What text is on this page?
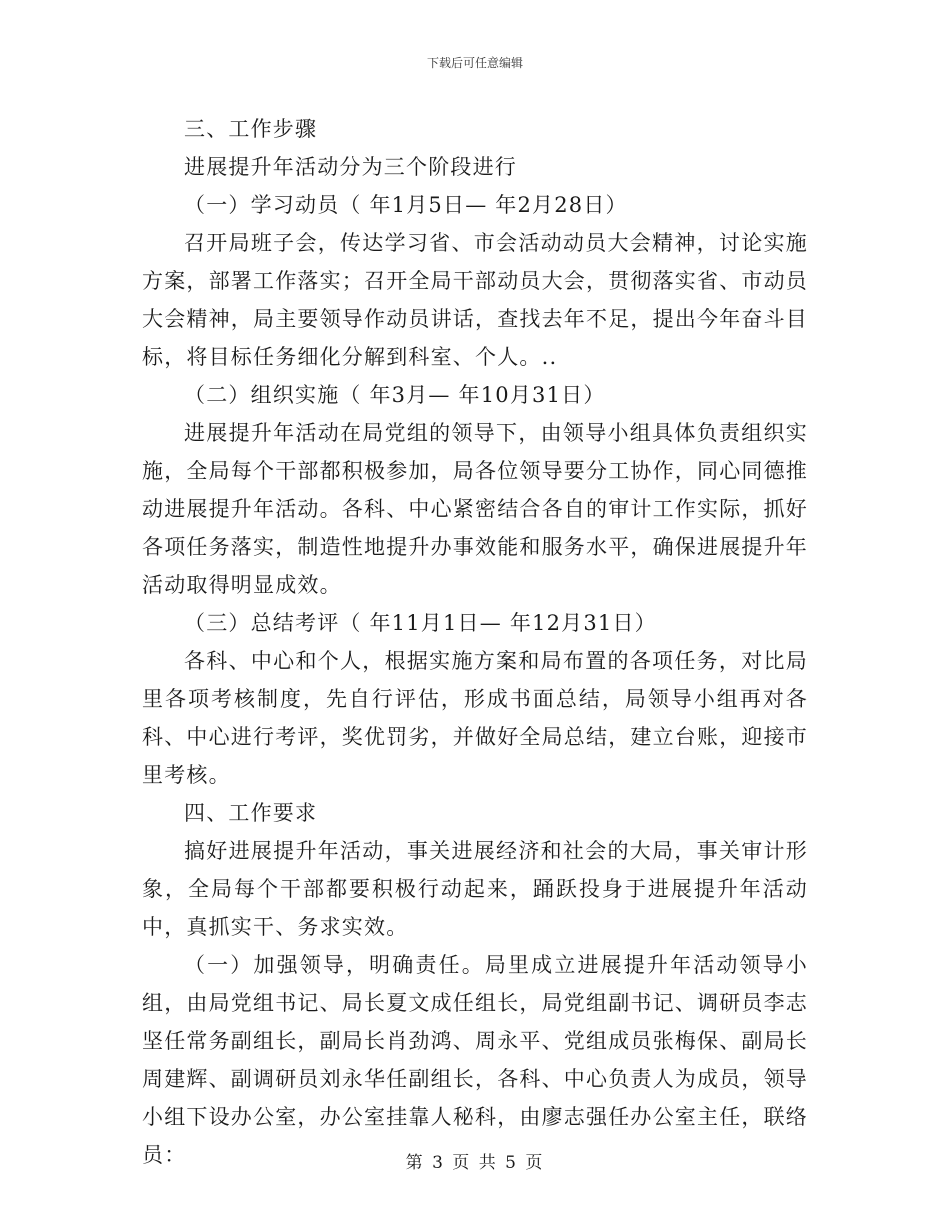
下载后可任意编辑

三、工作步骤

进展提升年活动分为三个阶段进行

（一）学习动员（ 年1月5日— 年2月28日）

召开局班子会，传达学习省、市会活动动员大会精神，讨论实施方案，部署工作落实；召开全局干部动员大会，贯彻落实省、市动员大会精神，局主要领导作动员讲话，查找去年不足，提出今年奋斗目标，将目标任务细化分解到科室、个人。..

（二）组织实施（ 年3月— 年10月31日）

进展提升年活动在局党组的领导下，由领导小组具体负责组织实施，全局每个干部都积极参加，局各位领导要分工协作，同心同德推动进展提升年活动。各科、中心紧密结合各自的审计工作实际，抓好各项任务落实，制造性地提升办事效能和服务水平，确保进展提升年活动取得明显成效。

（三）总结考评（ 年11月1日— 年12月31日）

各科、中心和个人，根据实施方案和局布置的各项任务，对比局里各项考核制度，先自行评估，形成书面总结，局领导小组再对各科、中心进行考评，奖优罚劣，并做好全局总结，建立台账，迎接市里考核。

四、工作要求

搞好进展提升年活动，事关进展经济和社会的大局，事关审计形象，全局每个干部都要积极行动起来，踊跃投身于进展提升年活动中，真抓实干、务求实效。

（一）加强领导，明确责任。局里成立进展提升年活动领导小组，由局党组书记、局长夏文成任组长，局党组副书记、调研员李志坚任常务副组长，副局长肖劲鸿、周永平、党组成员张梅保、副局长周建辉、副调研员刘永华任副组长，各科、中心负责人为成员，领导小组下设办公室，办公室挂靠人秘科，由廖志强任办公室主任，联络员：	第 3 页 共 5 页
